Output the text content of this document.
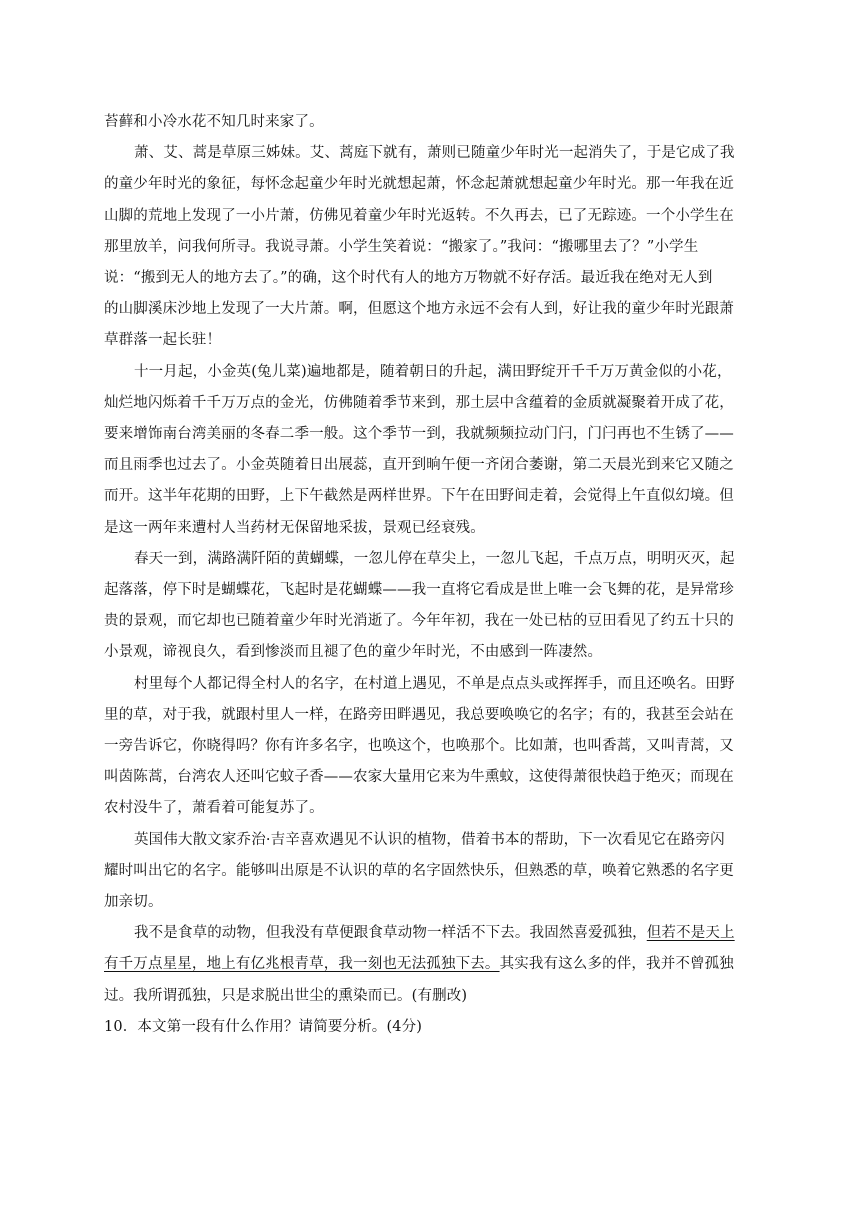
苔藓和小冷水花不知几时来家了。
萧、艾、蒿是草原三姊妹。艾、蒿庭下就有，萧则已随童少年时光一起消失了，于是它成了我
的童少年时光的象征，每怀念起童少年时光就想起萧，怀念起萧就想起童少年时光。那一年我在近
山脚的荒地上发现了一小片萧，仿佛见着童少年时光返转。不久再去，已了无踪迹。一个小学生在
那里放羊，问我何所寻。我说寻萧。小学生笑着说：“搬家了。”我问：“搬哪里去了？”小学生
说：“搬到无人的地方去了。”的确，这个时代有人的地方万物就不好存活。最近我在绝对无人到
的山脚溪床沙地上发现了一大片萧。啊，但愿这个地方永远不会有人到，好让我的童少年时光跟萧
草群落一起长驻！
十一月起，小金英(兔儿菜)遍地都是，随着朝日的升起，满田野绽开千千万万黄金似的小花，
灿烂地闪烁着千千万万点的金光，仿佛随着季节来到，那土层中含蕴着的金质就凝聚着开成了花，
要来增饰南台湾美丽的冬春二季一般。这个季节一到，我就频频拉动门闩，门闩再也不生锈了——
而且雨季也过去了。小金英随着日出展蕊，直开到晌午便一齐闭合萎谢，第二天晨光到来它又随之
而开。这半年花期的田野，上下午截然是两样世界。下午在田野间走着，会觉得上午直似幻境。但
是这一两年来遭村人当药材无保留地采拔，景观已经衰残。
春天一到，满路满阡陌的黄蝴蝶，一忽儿停在草尖上，一忽儿飞起，千点万点，明明灭灭，起
起落落，停下时是蝴蝶花，飞起时是花蝴蝶——我一直将它看成是世上唯一会飞舞的花，是异常珍
贵的景观，而它却也已随着童少年时光消逝了。今年年初，我在一处已枯的豆田看见了约五十只的
小景观，谛视良久，看到惨淡而且褪了色的童少年时光，不由感到一阵凄然。
村里每个人都记得全村人的名字，在村道上遇见，不单是点点头或挥挥手，而且还唤名。田野
里的草，对于我，就跟村里人一样，在路旁田畔遇见，我总要唤唤它的名字；有的，我甚至会站在
一旁告诉它，你晓得吗？你有许多名字，也唤这个，也唤那个。比如萧，也叫香蒿，又叫青蒿，又
叫茵陈蒿，台湾农人还叫它蚊子香——农家大量用它来为牛熏蚊，这使得萧很快趋于绝灭；而现在
农村没牛了，萧看着可能复苏了。
英国伟大散文家乔治·吉辛喜欢遇见不认识的植物，借着书本的帮助，下一次看见它在路旁闪
耀时叫出它的名字。能够叫出原是不认识的草的名字固然快乐，但熟悉的草，唤着它熟悉的名字更
加亲切。
我不是食草的动物，但我没有草便跟食草动物一样活不下去。我固然喜爱孤独，但若不是天上
有千万点星星，地上有亿兆根青草，我一刻也无法孤独下去。其实我有这么多的伴，我并不曾孤独
过。我所谓孤独，只是求脱出世尘的熏染而已。(有删改)
10．本文第一段有什么作用？请简要分析。(4分)
